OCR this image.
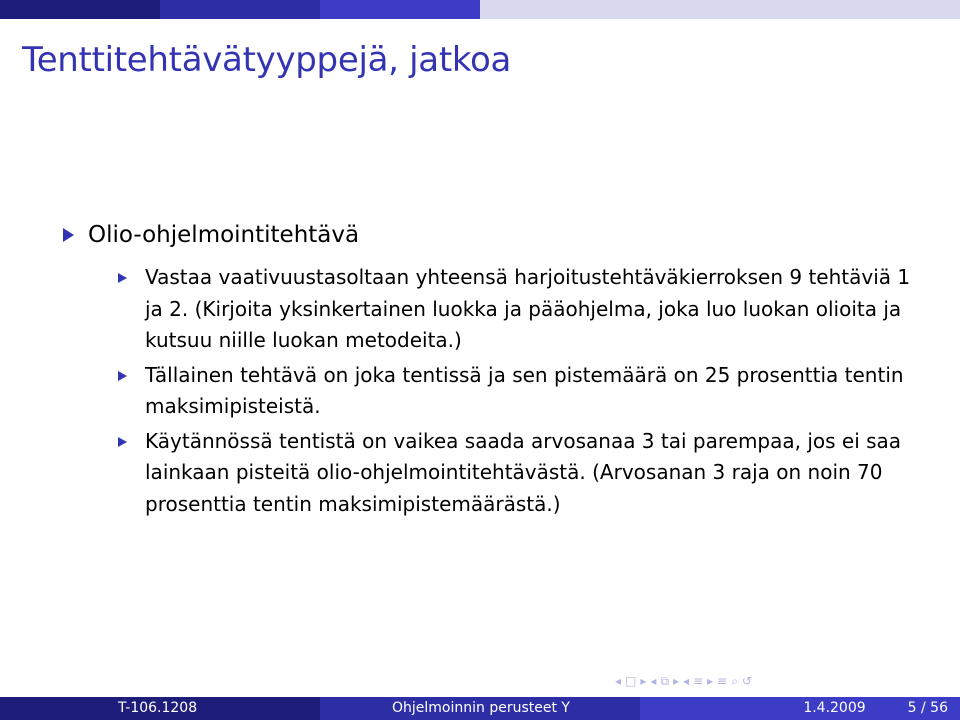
Tenttitehtävätyyppejä, jatkoa
Olio-ohjelmointitehtävä
Vastaa vaativuustasoltaan yhteensä harjoitustehtäväkierroksen 9 tehtäviä 1 ja 2. (Kirjoita yksinkertainen luokka ja pääohjelma, joka luo luokan olioita ja kutsuu niille luokan metodeita.)
Tällainen tehtävä on joka tentissä ja sen pistemäärä on 25 prosenttia tentin maksimipisteistä.
Käytännössä tentistä on vaikea saada arvosanaa 3 tai parempaa, jos ei saa lainkaan pisteitä olio-ohjelmointitehtävästä. (Arvosanan 3 raja on noin 70 prosenttia tentin maksimipistemäärästä.)
◂ □ ▸ ◂ ⧉ ▸ ◂ ≡ ▸ ≡ ⌕ ↺
T-106.1208	Ohjelmoinnin perusteet Y	1.4.2009	5 / 56
